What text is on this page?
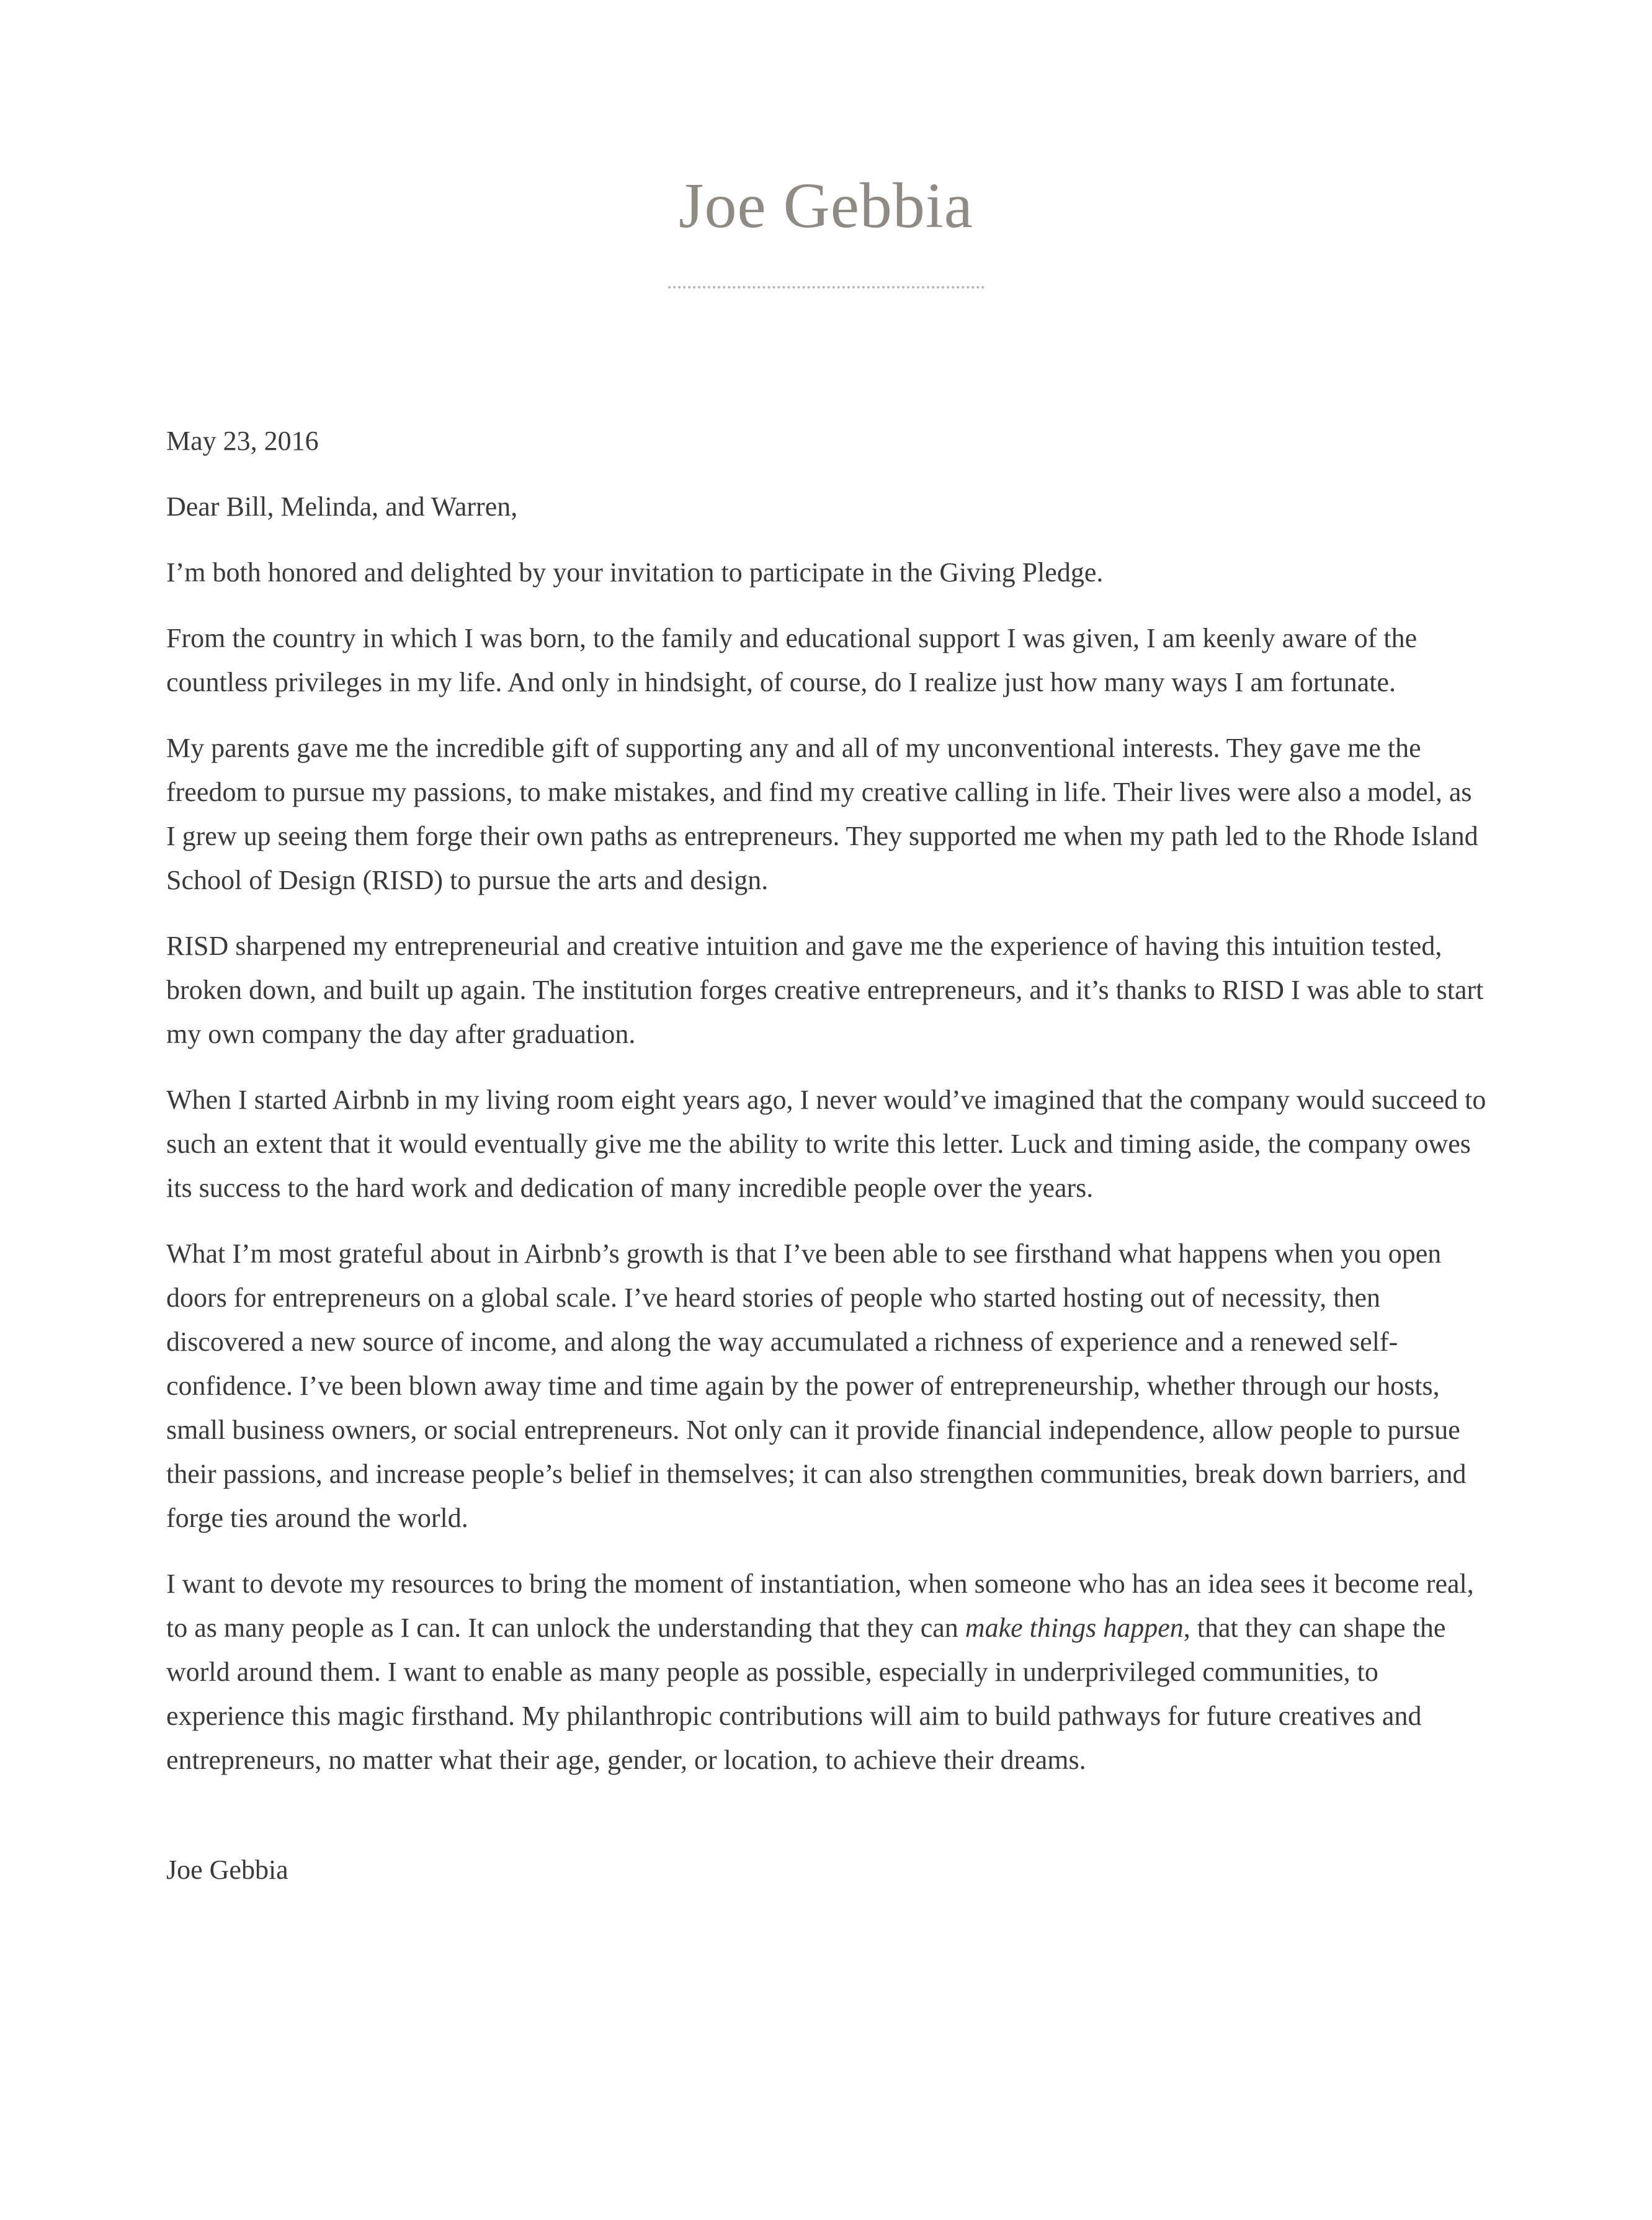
Joe Gebbia

May 23, 2016

Dear Bill, Melinda, and Warren,

I’m both honored and delighted by your invitation to participate in the Giving Pledge.

From the country in which I was born, to the family and educational support I was given, I am keenly aware of the countless privileges in my life. And only in hindsight, of course, do I realize just how many ways I am fortunate.

My parents gave me the incredible gift of supporting any and all of my unconventional interests. They gave me the freedom to pursue my passions, to make mistakes, and find my creative calling in life. Their lives were also a model, as I grew up seeing them forge their own paths as entrepreneurs. They supported me when my path led to the Rhode Island School of Design (RISD) to pursue the arts and design.

RISD sharpened my entrepreneurial and creative intuition and gave me the experience of having this intuition tested, broken down, and built up again. The institution forges creative entrepreneurs, and it’s thanks to RISD I was able to start my own company the day after graduation.

When I started Airbnb in my living room eight years ago, I never would’ve imagined that the company would succeed to such an extent that it would eventually give me the ability to write this letter. Luck and timing aside, the company owes its success to the hard work and dedication of many incredible people over the years.

What I’m most grateful about in Airbnb’s growth is that I’ve been able to see firsthand what happens when you open doors for entrepreneurs on a global scale. I’ve heard stories of people who started hosting out of necessity, then discovered a new source of income, and along the way accumulated a richness of experience and a renewed self-confidence. I’ve been blown away time and time again by the power of entrepreneurship, whether through our hosts, small business owners, or social entrepreneurs. Not only can it provide financial independence, allow people to pursue their passions, and increase people’s belief in themselves; it can also strengthen communities, break down barriers, and forge ties around the world.

I want to devote my resources to bring the moment of instantiation, when someone who has an idea sees it become real, to as many people as I can. It can unlock the understanding that they can make things happen, that they can shape the world around them. I want to enable as many people as possible, especially in underprivileged communities, to experience this magic firsthand. My philanthropic contributions will aim to build pathways for future creatives and entrepreneurs, no matter what their age, gender, or location, to achieve their dreams.

Joe Gebbia
